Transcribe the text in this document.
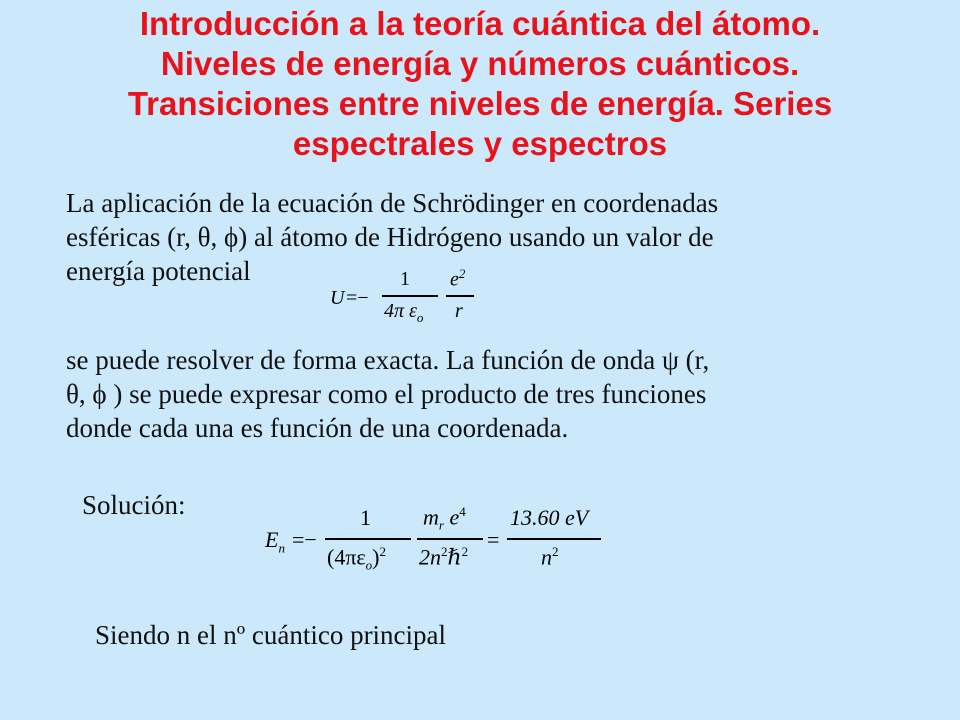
Introducción a la teoría cuántica del átomo.
Niveles de energía y números cuánticos.
Transiciones entre niveles de energía. Series
espectrales y espectros

La aplicación de la ecuación de Schrödinger en coordenadas
esféricas (r, θ, ϕ) al átomo de Hidrógeno usando un valor de
energía potencial

U =−
1
4π $\varepsilon_o$
$e^2$
r

se puede resolver de forma exacta. La función de onda ψ (r,
θ, ϕ ) se puede expresar como el producto de tres funciones
donde cada una es función de una coordenada.

Solución:

$E_n$ =−
1
$(4\pi\varepsilon_o)^2$
$m_r$ $e^4$
$2n^2\hbar^2$ =
13.60 eV
$n^2$

Siendo n el nº cuántico principal
